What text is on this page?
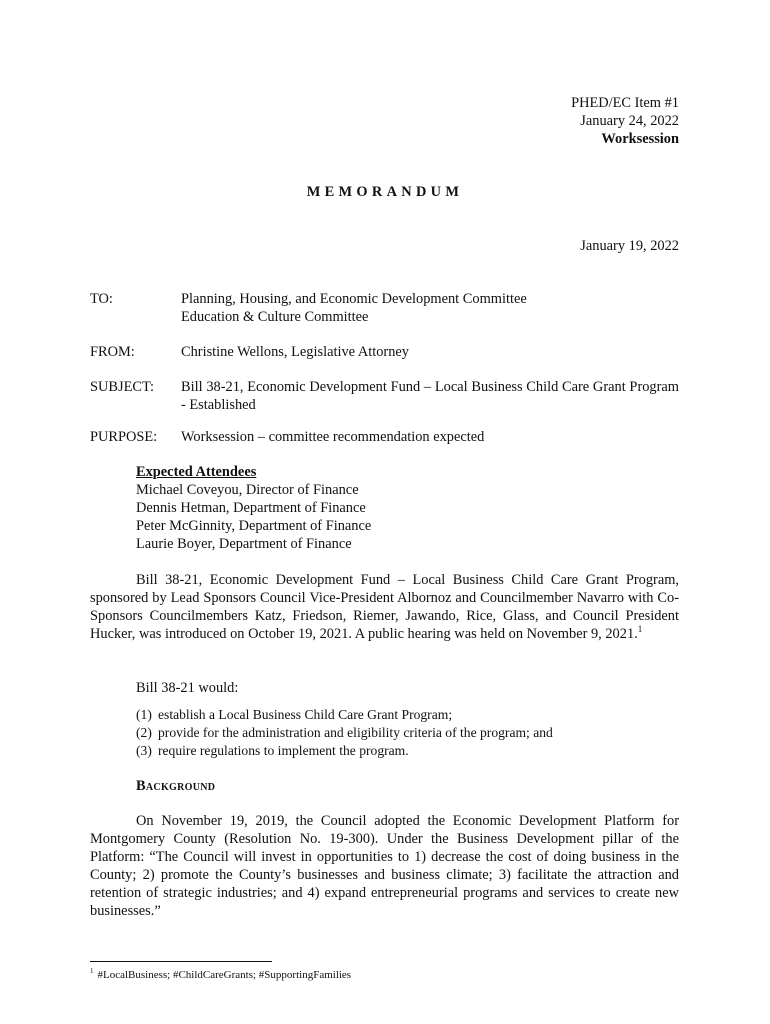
PHED/EC Item #1
January 24, 2022
Worksession
MEMORANDUM
January 19, 2022
TO:	Planning, Housing, and Economic Development Committee
Education & Culture Committee
FROM:	Christine Wellons, Legislative Attorney
SUBJECT: Bill 38-21, Economic Development Fund – Local Business Child Care Grant Program - Established
PURPOSE: Worksession – committee recommendation expected
Expected Attendees
Michael Coveyou, Director of Finance
Dennis Hetman, Department of Finance
Peter McGinnity, Department of Finance
Laurie Boyer, Department of Finance
Bill 38-21, Economic Development Fund – Local Business Child Care Grant Program, sponsored by Lead Sponsors Council Vice-President Albornoz and Councilmember Navarro with Co-Sponsors Councilmembers Katz, Friedson, Riemer, Jawando, Rice, Glass, and Council President Hucker, was introduced on October 19, 2021. A public hearing was held on November 9, 2021.$^1$
Bill 38-21 would:
(1) establish a Local Business Child Care Grant Program;
(2) provide for the administration and eligibility criteria of the program; and
(3) require regulations to implement the program.
Background
On November 19, 2019, the Council adopted the Economic Development Platform for Montgomery County (Resolution No. 19-300). Under the Business Development pillar of the Platform: “The Council will invest in opportunities to 1) decrease the cost of doing business in the County; 2) promote the County’s businesses and business climate; 3) facilitate the attraction and retention of strategic industries; and 4) expand entrepreneurial programs and services to create new businesses.”
$^1$ #LocalBusiness; #ChildCareGrants; #SupportingFamilies
